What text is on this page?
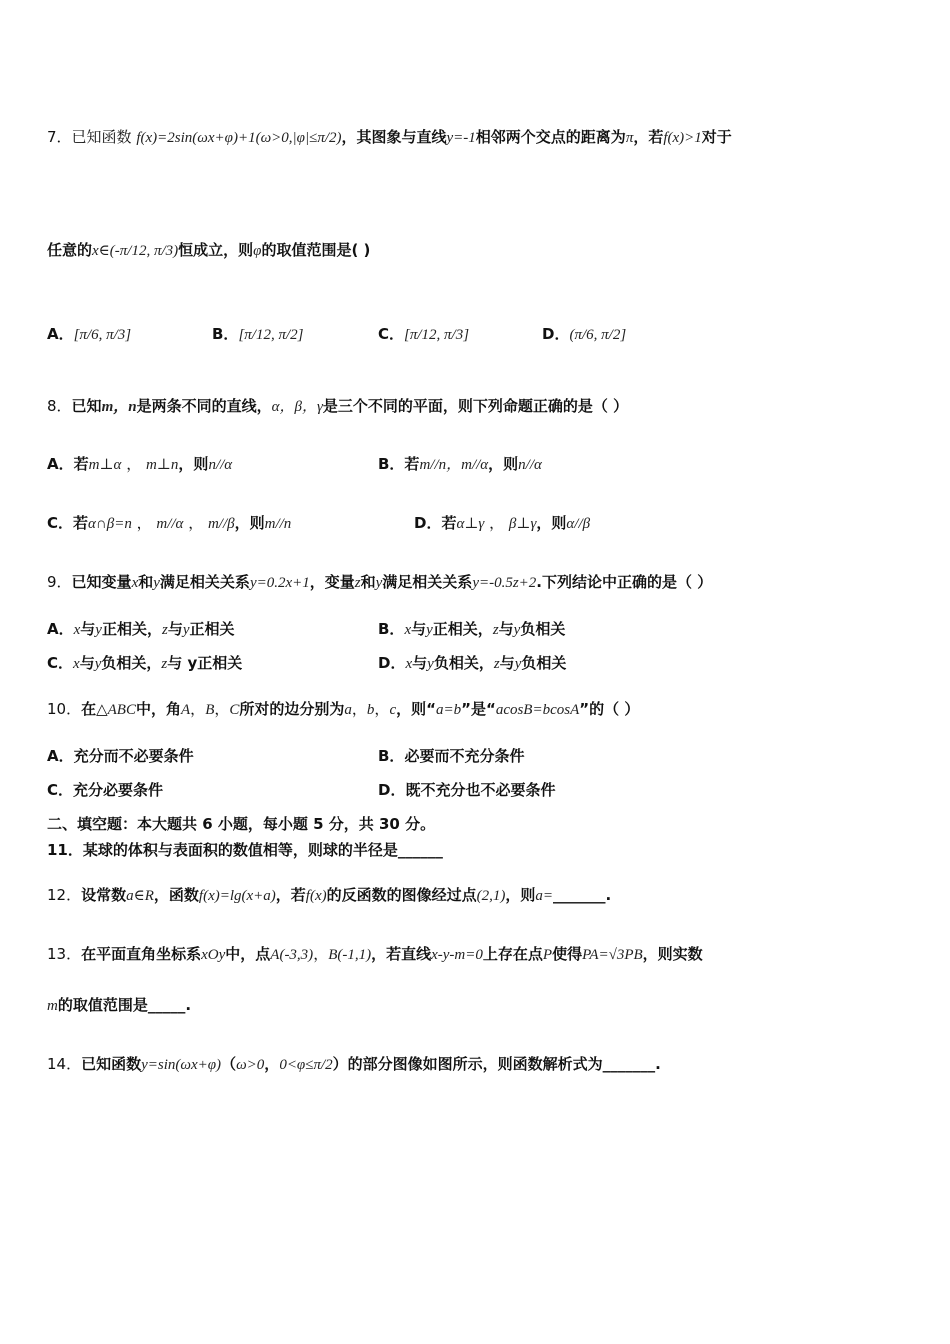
7．已知函数 f(x)=2sin(ωx+φ)+1(ω>0,|φ|≤π/2)，其图象与直线y=-1相邻两个交点的距离为π，若f(x)>1对于
任意的x∈(-π/12, π/3)恒成立，则φ的取值范围是( )
A．[π/6, π/3]	B．[π/12, π/2]	C．[π/12, π/3]	D．(π/6, π/2]
8．已知m，n是两条不同的直线，α，β，γ是三个不同的平面，则下列命题正确的是（ ）
A．若m⊥α ， m⊥n，则n//α	B．若m//n，m//α，则n//α
C．若α∩β=n ， m//α ， m//β，则m//n	D．若α⊥γ ， β⊥γ，则α//β
9．已知变量x和y满足相关关系y=0.2x+1，变量z和y满足相关关系y=-0.5z+2.下列结论中正确的是（ ）
A．x与y正相关，z与y正相关	B．x与y正相关，z与y负相关
C．x与y负相关，z与 y正相关	D．x与y负相关，z与y负相关
10．在△ABC中，角A，B，C所对的边分别为a，b，c，则“a=b”是“acosB=bcosA”的（ ）
A．充分而不必要条件	B．必要而不充分条件
C．充分必要条件	D．既不充分也不必要条件
二、填空题：本大题共 6 小题，每小题 5 分，共 30 分。
11．某球的体积与表面积的数值相等，则球的半径是______
12．设常数a∈R，函数f(x)=lg(x+a)，若f(x)的反函数的图像经过点(2,1)，则a=_______.
13．在平面直角坐标系xOy中，点A(-3,3)，B(-1,1)，若直线x-y-m=0上存在点P使得PA=√3PB，则实数
m的取值范围是_____.
14．已知函数y=sin(ωx+φ)（ω>0，0<φ≤π/2）的部分图像如图所示，则函数解析式为_______.
